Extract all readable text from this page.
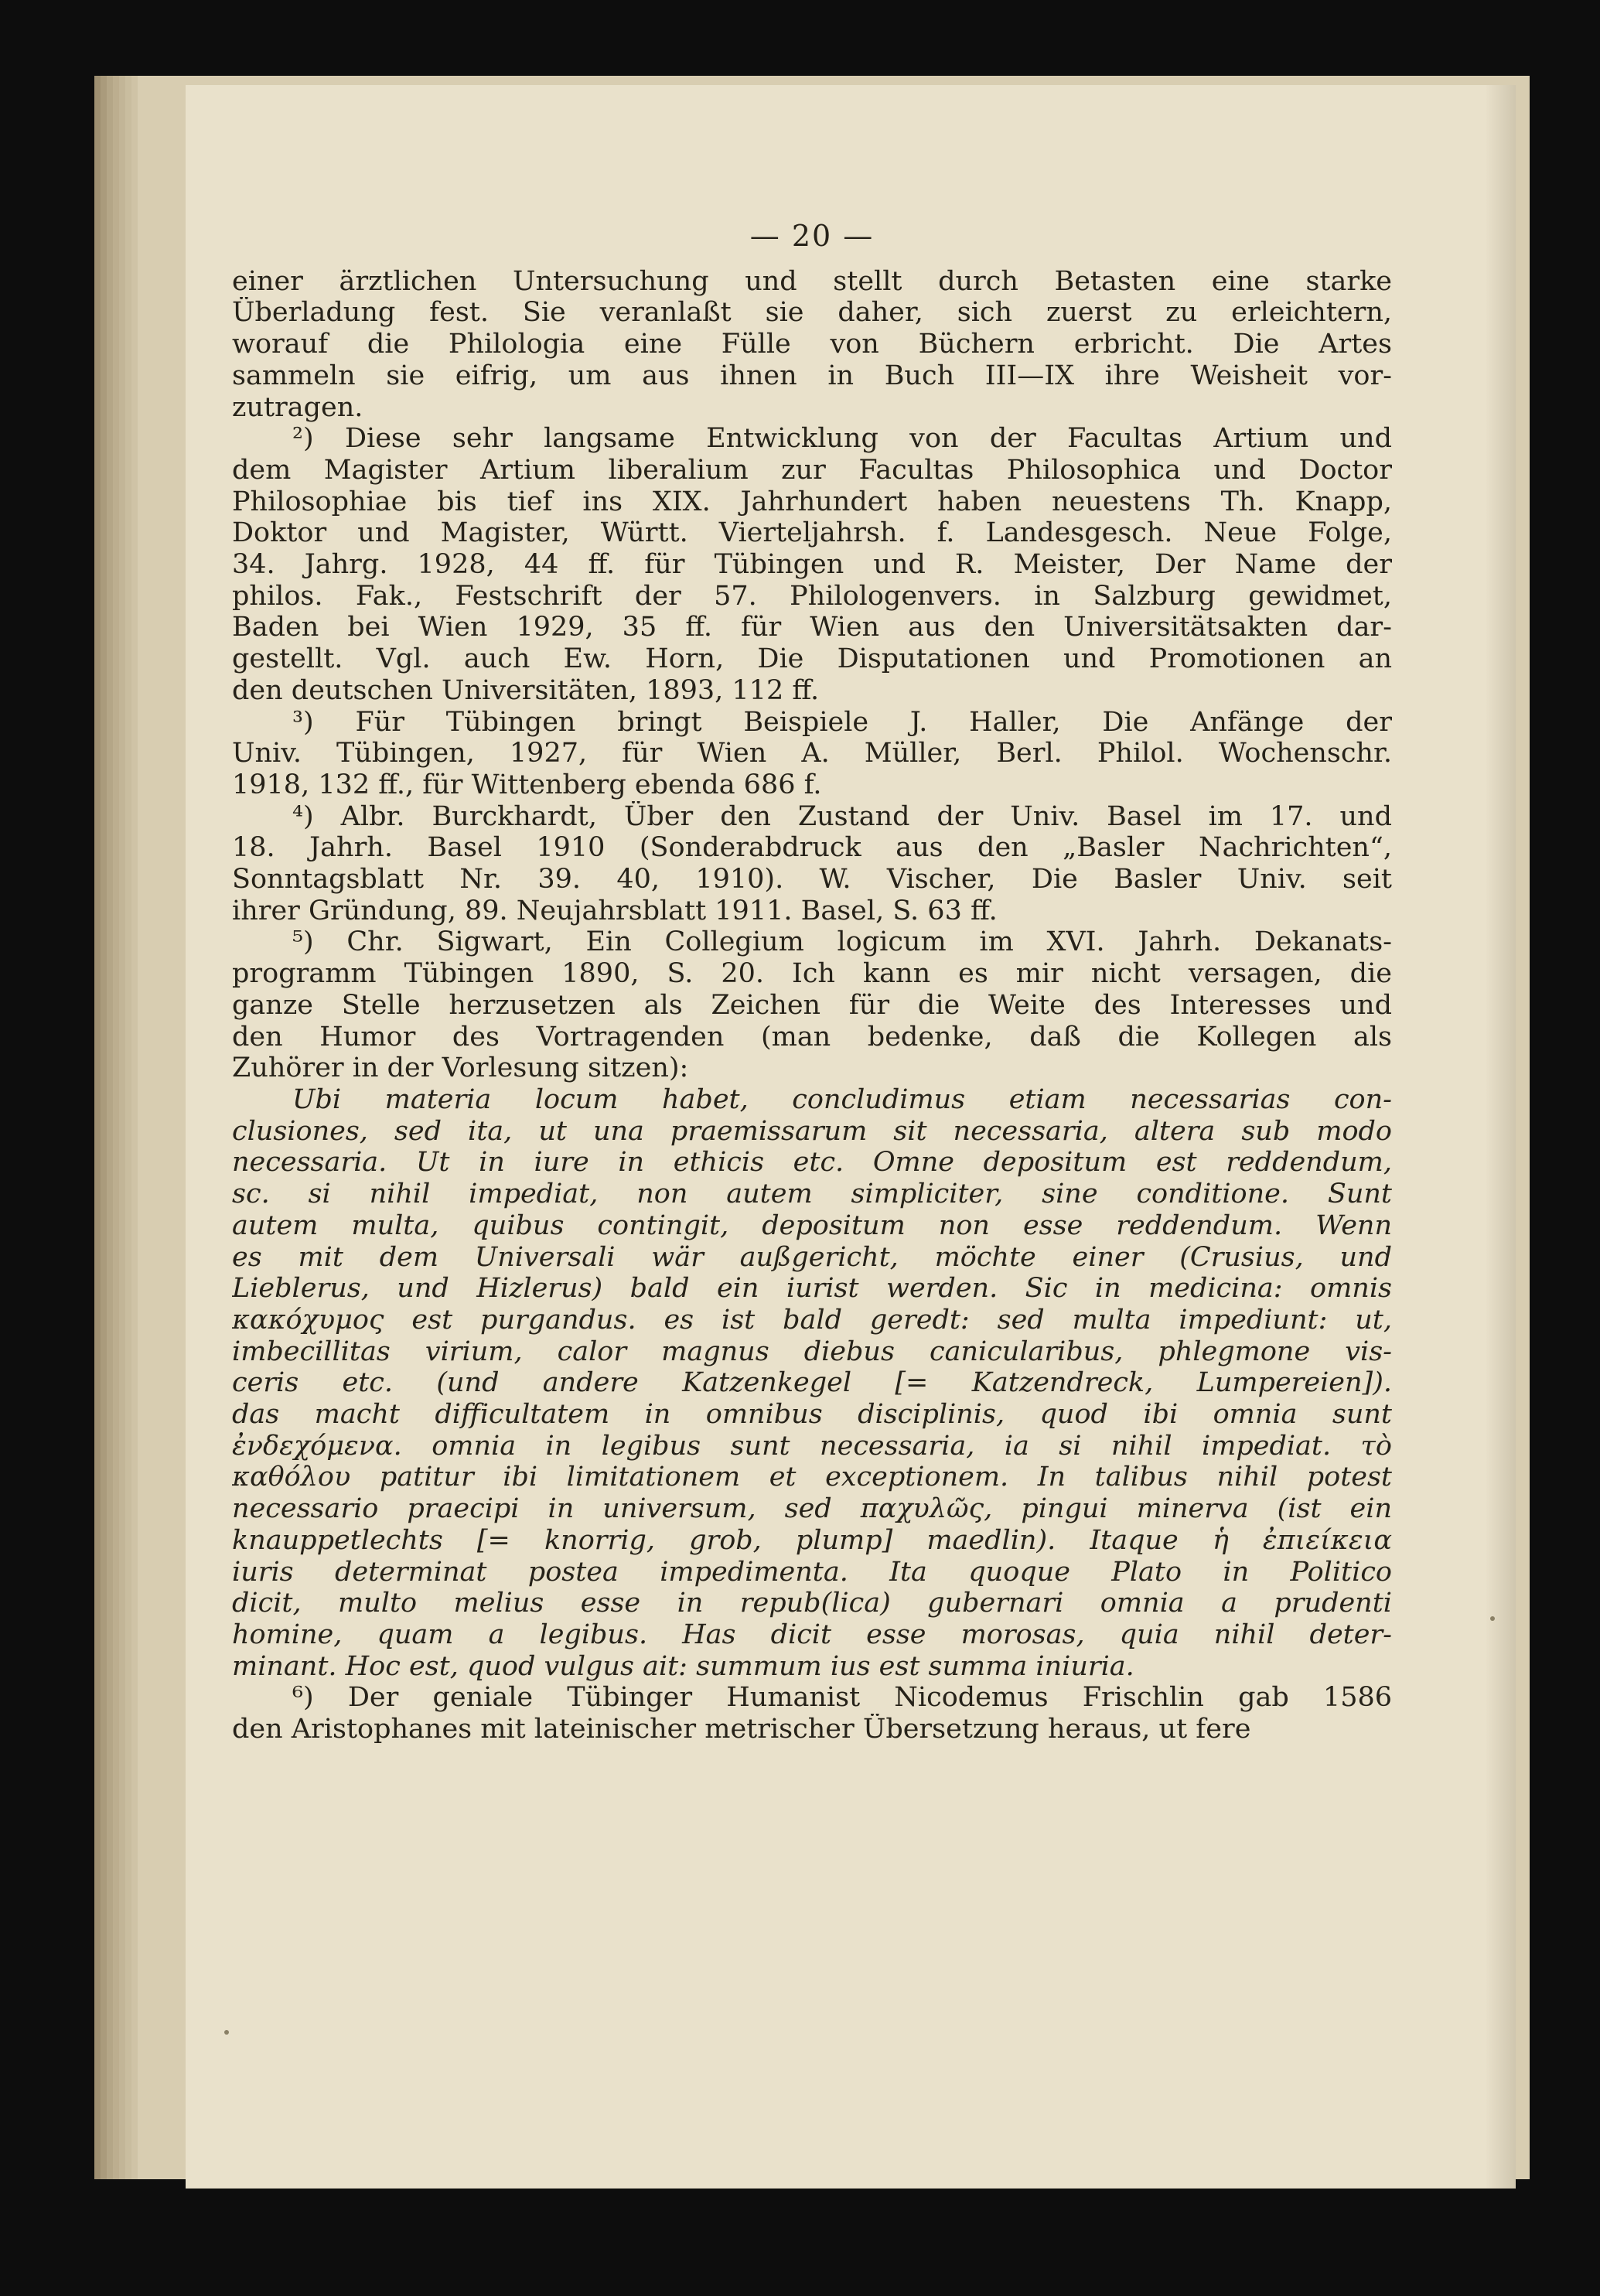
— 20 —
einer ärztlichen Untersuchung und stellt durch Betasten eine starke
Überladung fest. Sie veranlaßt sie daher, sich zuerst zu erleichtern,
worauf die Philologia eine Fülle von Büchern erbricht. Die Artes
sammeln sie eifrig, um aus ihnen in Buch III—IX ihre Weisheit vor-
zutragen.
²) Diese sehr langsame Entwicklung von der Facultas Artium und
dem Magister Artium liberalium zur Facultas Philosophica und Doctor
Philosophiae bis tief ins XIX. Jahrhundert haben neuestens Th. Knapp,
Doktor und Magister, Württ. Vierteljahrsh. f. Landesgesch. Neue Folge,
34. Jahrg. 1928, 44 ff. für Tübingen und R. Meister, Der Name der
philos. Fak., Festschrift der 57. Philologenvers. in Salzburg gewidmet,
Baden bei Wien 1929, 35 ff. für Wien aus den Universitätsakten dar-
gestellt. Vgl. auch Ew. Horn, Die Disputationen und Promotionen an
den deutschen Universitäten, 1893, 112 ff.
³) Für Tübingen bringt Beispiele J. Haller, Die Anfänge der
Univ. Tübingen, 1927, für Wien A. Müller, Berl. Philol. Wochenschr.
1918, 132 ff., für Wittenberg ebenda 686 f.
⁴) Albr. Burckhardt, Über den Zustand der Univ. Basel im 17. und
18. Jahrh. Basel 1910 (Sonderabdruck aus den „Basler Nachrichten“,
Sonntagsblatt Nr. 39. 40, 1910). W. Vischer, Die Basler Univ. seit
ihrer Gründung, 89. Neujahrsblatt 1911. Basel, S. 63 ff.
⁵) Chr. Sigwart, Ein Collegium logicum im XVI. Jahrh. Dekanats-
programm Tübingen 1890, S. 20. Ich kann es mir nicht versagen, die
ganze Stelle herzusetzen als Zeichen für die Weite des Interesses und
den Humor des Vortragenden (man bedenke, daß die Kollegen als
Zuhörer in der Vorlesung sitzen):
Ubi materia locum habet, concludimus etiam necessarias con-
clusiones, sed ita, ut una praemissarum sit necessaria, altera sub modo
necessaria. Ut in iure in ethicis etc. Omne depositum est reddendum,
sc. si nihil impediat, non autem simpliciter, sine conditione. Sunt
autem multa, quibus contingit, depositum non esse reddendum. Wenn
es mit dem Universali wär außgericht, möchte einer (Crusius, und
Lieblerus, und Hizlerus) bald ein iurist werden. Sic in medicina: omnis
κακόχυμος est purgandus. es ist bald geredt: sed multa impediunt: ut,
imbecillitas virium, calor magnus diebus canicularibus, phlegmone vis-
ceris etc. (und andere Katzenkegel [= Katzendreck, Lumpereien]).
das macht difficultatem in omnibus disciplinis, quod ibi omnia sunt
ἐνδεχόμενα. omnia in legibus sunt necessaria, ia si nihil impediat. τὸ
καθόλου patitur ibi limitationem et exceptionem. In talibus nihil potest
necessario praecipi in universum, sed παχυλῶς, pingui minerva (ist ein
knauppetlechts [= knorrig, grob, plump] maedlin). Itaque ἡ ἐπιείκεια
iuris determinat postea impedimenta. Ita quoque Plato in Politico
dicit, multo melius esse in repub(lica) gubernari omnia a prudenti
homine, quam a legibus. Has dicit esse morosas, quia nihil deter-
minant. Hoc est, quod vulgus ait: summum ius est summa iniuria.
⁶) Der geniale Tübinger Humanist Nicodemus Frischlin gab 1586
den Aristophanes mit lateinischer metrischer Übersetzung heraus, ut fere
